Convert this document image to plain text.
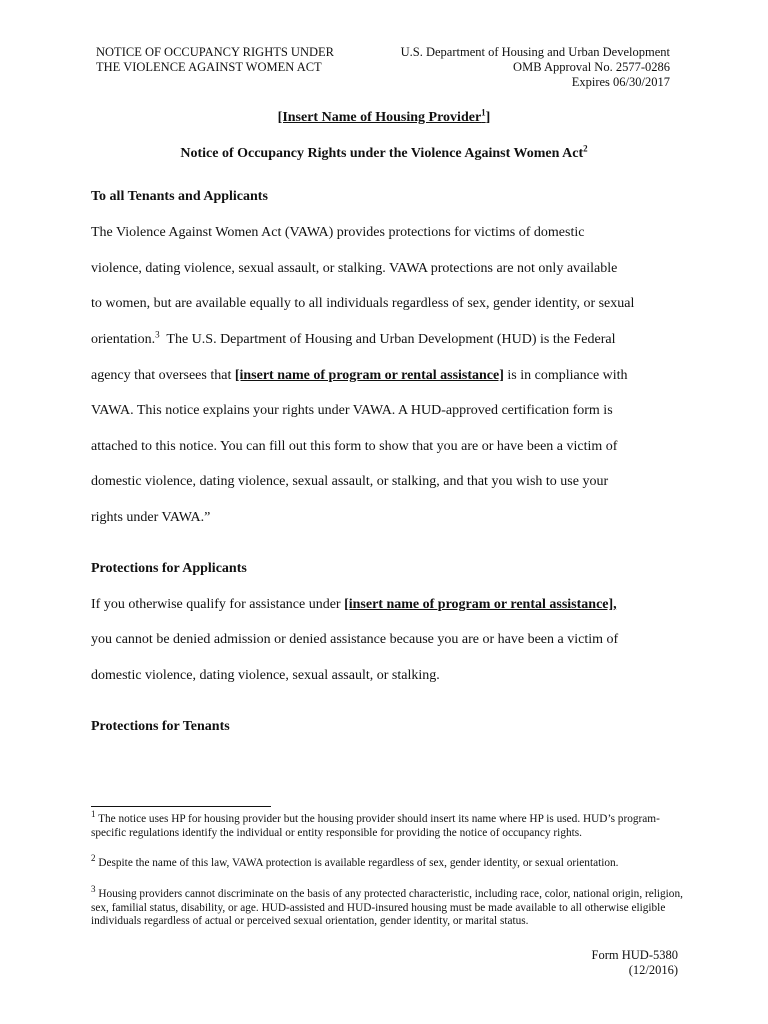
NOTICE OF OCCUPANCY RIGHTS UNDER
THE VIOLENCE AGAINST WOMEN ACT
U.S. Department of Housing and Urban Development
OMB Approval No. 2577-0286
Expires 06/30/2017
[Insert Name of Housing Provider$^1$]
Notice of Occupancy Rights under the Violence Against Women Act$^2$
To all Tenants and Applicants
The Violence Against Women Act (VAWA) provides protections for victims of domestic
violence, dating violence, sexual assault, or stalking. VAWA protections are not only available
to women, but are available equally to all individuals regardless of sex, gender identity, or sexual
orientation.$^3$  The U.S. Department of Housing and Urban Development (HUD) is the Federal
agency that oversees that [insert name of program or rental assistance] is in compliance with
VAWA. This notice explains your rights under VAWA. A HUD-approved certification form is
attached to this notice. You can fill out this form to show that you are or have been a victim of
domestic violence, dating violence, sexual assault, or stalking, and that you wish to use your
rights under VAWA.”
Protections for Applicants
If you otherwise qualify for assistance under [insert name of program or rental assistance],
you cannot be denied admission or denied assistance because you are or have been a victim of
domestic violence, dating violence, sexual assault, or stalking.
Protections for Tenants
$^1$ The notice uses HP for housing provider but the housing provider should insert its name where HP is used. HUD’s program-specific regulations identify the individual or entity responsible for providing the notice of occupancy rights.
$^2$ Despite the name of this law, VAWA protection is available regardless of sex, gender identity, or sexual orientation.
$^3$ Housing providers cannot discriminate on the basis of any protected characteristic, including race, color, national origin, religion, sex, familial status, disability, or age. HUD-assisted and HUD-insured housing must be made available to all otherwise eligible individuals regardless of actual or perceived sexual orientation, gender identity, or marital status.
Form HUD-5380
(12/2016)
